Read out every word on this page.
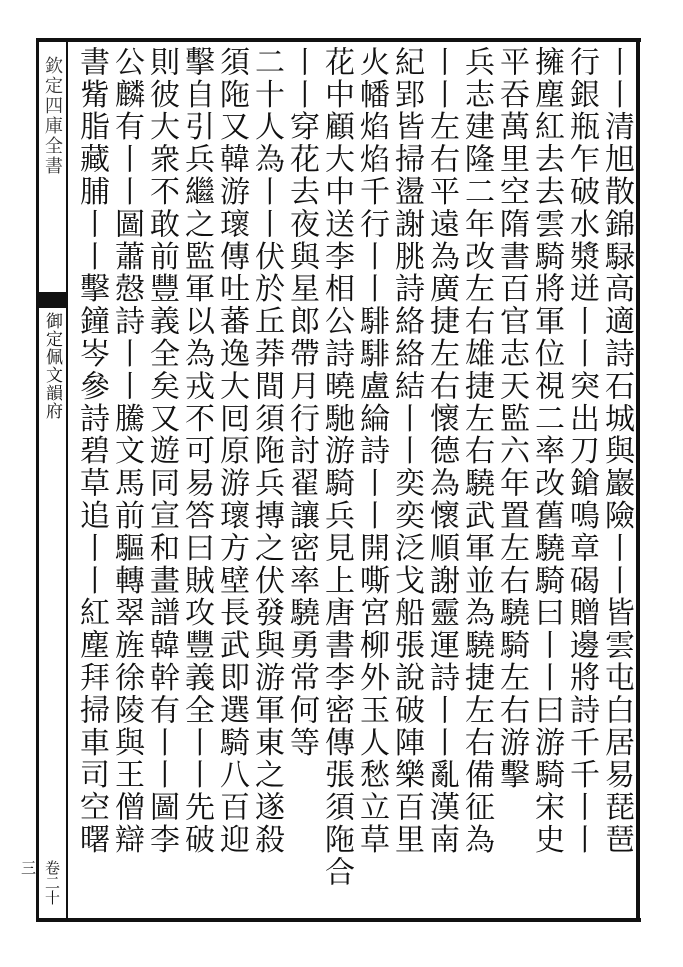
欽定四庫全書
御定佩文韻府
卷二十三
丨丨清旭散錦騄高適詩石城與巖險丨丨皆雲屯白居易琵琶
行銀瓶乍破水漿迸丨丨突出刀鎗鳴章碣贈邊將詩千千丨丨
擁塵紅去去雲騎將軍位視二率改舊驍騎曰丨丨曰游騎宋史
平吞萬里空隋書百官志天監六年置左右驍騎左右游擊
兵志建隆二年改左右雄捷左右驍武軍並為驍捷左右備征為
丨丨左右平遠為廣捷左右懷德為懷順謝靈運詩丨丨亂漢南
紀郢皆掃盪謝朓詩絡絡結丨丨奕奕泛戈船張說破陣樂百里
火幡焰焰千行丨丨騑騑盧綸詩丨丨開嘶宮柳外玉人愁立草
花中顧大中送李相公詩曉馳游騎兵見上唐書李密傳張須陁合
丨丨穿花去夜與星郎帶月行討翟讓密率驍勇常何等
二十人為丨丨伏於丘莽間須陁兵摶之伏發與游軍東之遂殺
須陁又韓游瓌傳吐蕃逸大囘原游瓌方壁長武即選騎八百迎
擊自引兵繼之監軍以為戎不可易答曰賊攻豐義全丨丨先破
則彼大衆不敢前豐義全矣又遊同宣和畫譜韓幹有丨丨圖李
公麟有丨丨圖蕭慤詩丨丨騰文馬前驅轉翠旌徐陵與王僧辯
書觜脂藏脯丨丨擊鐘岑參詩碧草追丨丨紅塵拜掃車司空曙
